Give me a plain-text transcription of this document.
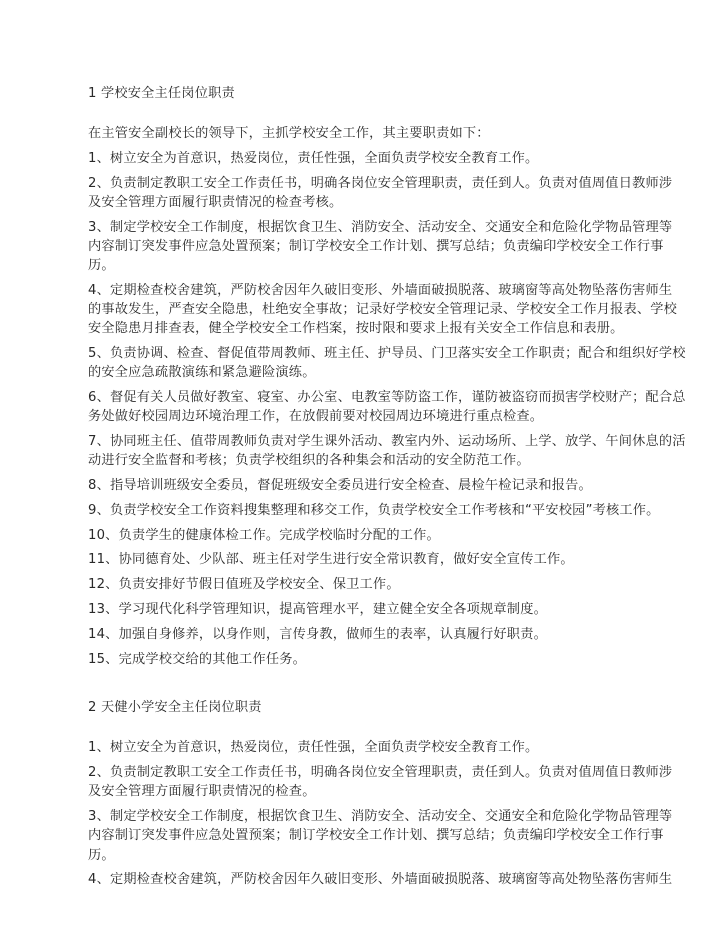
1 学校安全主任岗位职责

在主管安全副校长的领导下，主抓学校安全工作，其主要职责如下：

1、树立安全为首意识，热爱岗位，责任性强，全面负责学校安全教育工作。
2、负责制定教职工安全工作责任书，明确各岗位安全管理职责，责任到人。负责对值周值日教师涉
及安全管理方面履行职责情况的检查考核。
3、制定学校安全工作制度，根据饮食卫生、消防安全、活动安全、交通安全和危险化学物品管理等
内容制订突发事件应急处置预案；制订学校安全工作计划、撰写总结；负责编印学校安全工作行事
历。
4、定期检查校舍建筑，严防校舍因年久破旧变形、外墙面破损脱落、玻璃窗等高处物坠落伤害师生
的事故发生，严查安全隐患，杜绝安全事故；记录好学校安全管理记录、学校安全工作月报表、学校
安全隐患月排查表，健全学校安全工作档案，按时限和要求上报有关安全工作信息和表册。
5、负责协调、检查、督促值带周教师、班主任、护导员、门卫落实安全工作职责；配合和组织好学校
的安全应急疏散演练和紧急避险演练。
6、督促有关人员做好教室、寝室、办公室、电教室等防盗工作，谨防被盗窃而损害学校财产；配合总
务处做好校园周边环境治理工作，在放假前要对校园周边环境进行重点检查。
7、协同班主任、值带周教师负责对学生课外活动、教室内外、运动场所、上学、放学、午间休息的活
动进行安全监督和考核；负责学校组织的各种集会和活动的安全防范工作。
8、指导培训班级安全委员，督促班级安全委员进行安全检查、晨检午检记录和报告。
9、负责学校安全工作资料搜集整理和移交工作，负责学校安全工作考核和“平安校园”考核工作。
10、负责学生的健康体检工作。完成学校临时分配的工作。
11、协同德育处、少队部、班主任对学生进行安全常识教育，做好安全宣传工作。
12、负责安排好节假日值班及学校安全、保卫工作。
13、学习现代化科学管理知识，提高管理水平，建立健全安全各项规章制度。
14、加强自身修养，以身作则，言传身教，做师生的表率，认真履行好职责。
15、完成学校交给的其他工作任务。

2 天健小学安全主任岗位职责

1、树立安全为首意识，热爱岗位，责任性强，全面负责学校安全教育工作。
2、负责制定教职工安全工作责任书，明确各岗位安全管理职责，责任到人。负责对值周值日教师涉
及安全管理方面履行职责情况的检查。
3、制定学校安全工作制度，根据饮食卫生、消防安全、活动安全、交通安全和危险化学物品管理等
内容制订突发事件应急处置预案；制订学校安全工作计划、撰写总结；负责编印学校安全工作行事
历。
4、定期检查校舍建筑，严防校舍因年久破旧变形、外墙面破损脱落、玻璃窗等高处物坠落伤害师生
